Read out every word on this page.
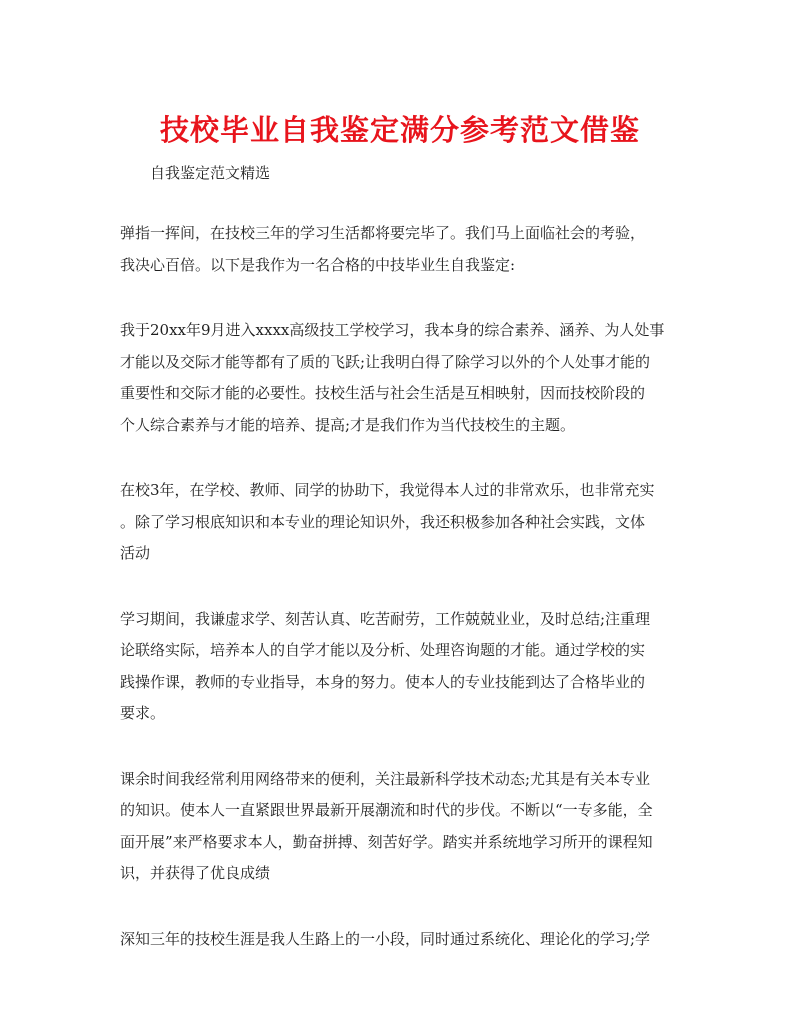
技校毕业自我鉴定满分参考范文借鉴

自我鉴定范文精选

弹指一挥间，在技校三年的学习生活都将要完毕了。我们马上面临社会的考验，
我决心百倍。以下是我作为一名合格的中技毕业生自我鉴定:

我于20xx年9月进入xxxx高级技工学校学习，我本身的综合素养、涵养、为人处事
才能以及交际才能等都有了质的飞跃;让我明白得了除学习以外的个人处事才能的
重要性和交际才能的必要性。技校生活与社会生活是互相映射，因而技校阶段的
个人综合素养与才能的培养、提高;才是我们作为当代技校生的主题。

在校3年，在学校、教师、同学的协助下，我觉得本人过的非常欢乐，也非常充实
。除了学习根底知识和本专业的理论知识外，我还积极参加各种社会实践，文体
活动

学习期间，我谦虚求学、刻苦认真、吃苦耐劳，工作兢兢业业，及时总结;注重理
论联络实际，培养本人的自学才能以及分析、处理咨询题的才能。通过学校的实
践操作课，教师的专业指导，本身的努力。使本人的专业技能到达了合格毕业的
要求。

课余时间我经常利用网络带来的便利，关注最新科学技术动态;尤其是有关本专业
的知识。使本人一直紧跟世界最新开展潮流和时代的步伐。不断以“一专多能，全
面开展”来严格要求本人，勤奋拼搏、刻苦好学。踏实并系统地学习所开的课程知
识，并获得了优良成绩

深知三年的技校生涯是我人生路上的一小段，同时通过系统化、理论化的学习;学
